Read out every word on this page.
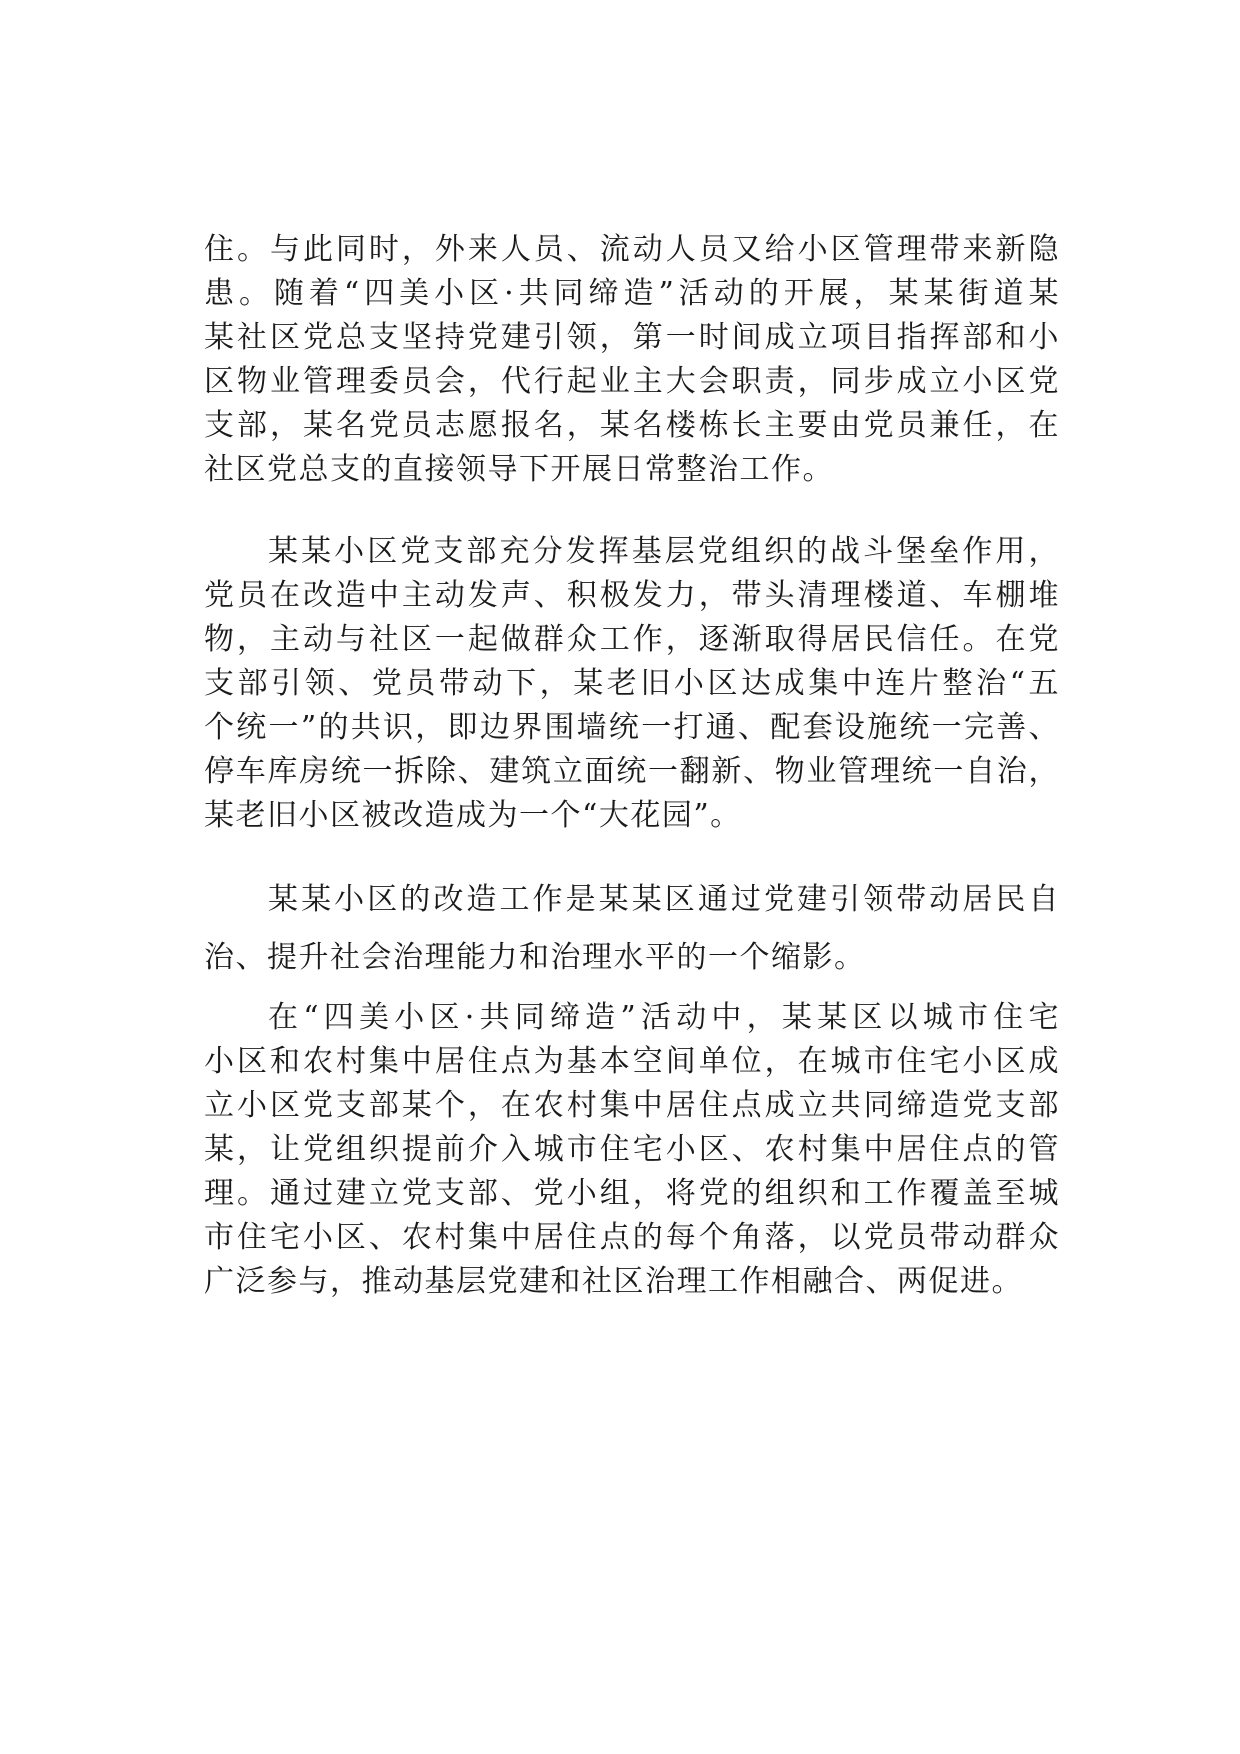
住。与此同时，外来人员、流动人员又给小区管理带来新隐
患。随着“四美小区·共同缔造”活动的开展，某某街道某
某社区党总支坚持党建引领，第一时间成立项目指挥部和小
区物业管理委员会，代行起业主大会职责，同步成立小区党
支部，某名党员志愿报名，某名楼栋长主要由党员兼任，在
社区党总支的直接领导下开展日常整治工作。
某某小区党支部充分发挥基层党组织的战斗堡垒作用，
党员在改造中主动发声、积极发力，带头清理楼道、车棚堆
物，主动与社区一起做群众工作，逐渐取得居民信任。在党
支部引领、党员带动下，某老旧小区达成集中连片整治“五
个统一”的共识，即边界围墙统一打通、配套设施统一完善、
停车库房统一拆除、建筑立面统一翻新、物业管理统一自治，
某老旧小区被改造成为一个“大花园”。
某某小区的改造工作是某某区通过党建引领带动居民自
治、提升社会治理能力和治理水平的一个缩影。
在“四美小区·共同缔造”活动中，某某区以城市住宅
小区和农村集中居住点为基本空间单位，在城市住宅小区成
立小区党支部某个，在农村集中居住点成立共同缔造党支部
某，让党组织提前介入城市住宅小区、农村集中居住点的管
理。通过建立党支部、党小组，将党的组织和工作覆盖至城
市住宅小区、农村集中居住点的每个角落，以党员带动群众
广泛参与，推动基层党建和社区治理工作相融合、两促进。
